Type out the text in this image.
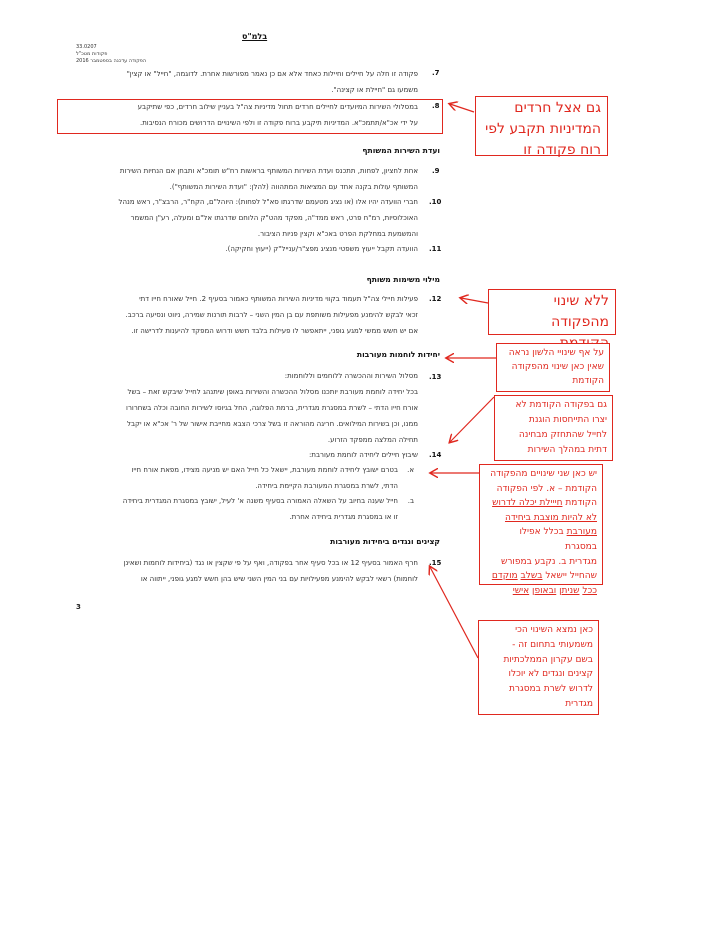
בלמ"ס
33.0207
פקודות מטכ"ל
הפקודה עדכנה בספטמבר 2016
.7
פקודה זו חלה על חיילים וחיילות כאחד אלא אם כן נאמר מפורשות אחרת. לדוגמה, "חייל" או קצין"
משמעו גם "חיילת או קצינה".
.8
במסלולי השירות המיועדים לחיילים חרדים תחול מדיניות צה"ל בעניין שילוב חרדים, כפי שתיקבע
על ידי אכ"א/תתמכ"א. המדיניות תיקבע ברוח פקודה זו ולפי השינויים הדרושים מכורח הנסיבות.
ועדת השירות המשותף
.9
אחת לחציון, לפחות, תתכנס ועדת השירות המשותף בראשות רח"ש תומכ"א ותבחן אם הנחיות השירות
המשותף עולות בקנה אחד עם המציאות המתהווה (להלן: "ועדת השירות המשותף").
.10
חברי הוועדה יהיו אלו (או נציג מטעמם שדרגתו סא"ל לפחות): היוהל"ם, הקח"ר, הרבצ"ר, ראש מנהל
האוכלוסיות, רמ"ח פרט, ראש ממד"ה, מפקד מהט"ק הלוחם שדרגתו אל"ם ומעלה, רע"ן המשמר
והמשמעת במחלקת הפרט באכ"א וקצין פניות הציבור.
.11
הוועדה תקבל ייעוץ משפטי מנציג מפצ"ר/ענייל"ק (ייעוץ וחקיקה).
מילוי משימות משותף
.12
פעילות חיילי צה"ל תעמוד בקווי מדיניות השירות המשותף כאמור בסעיף 2. חייל שאורח חייו דתי
זכאי לבקש להימנע מפעילות משותפת עם בן המין השני – לרבות תורנות שמירה, ניווט ונסיעה ברכב.
אם יש חשש ממשי למגע גופני, ייתאפשר לו פעילות בלבד חשש ודרוש המפקד להיענות לדרישה זו.
יחידות לוחמות מעורבות
.13
מסלול השירות וההכשרה ללוחמים וללוחמות:
בכל יחידה לוחמת מעורבת יותכנו מסלול ההכשרה והשירות באופן שיתנהג לחייל שיבקש זאת – בשל
אורח חייו הדתי – לשרת במסגרת מגדרית, ברמת הפלוגה, החל בגיוסו לשירות החובה וכלה בשחרורו
ממנו, וכן בשירות המילואים. חריגה מהוראה זו בשל צרכי הצבא מחייבת אישור של ר' אכ"א או יקבל
תחילה המלצה ממפקד הזרוע.
.14
שיבוץ חיילים ליחידה לוחמת מעורבת:
א.
בטרם ישובץ ליחידה לוחמת מעורבת, יישאל כל חייל האם יש מניעה מצידו, מפאת אורח חייו
הדתי, לשרת במסגרת המעורבת הקיימת ביחידה.
ב.
חייל שענה בחיוב על השאלה האמורה בסעיף משנה א' לעיל, ישובץ במסגרת המגדרית ביחידה
זו או במסגרת מגדרית ביחידה אחרת.
קצינים ונגדים ביחידות מעורבות
.15
חרף האמור בסעיף 12 או בכל סעיף אחר בפקודה, ואף על פי שקצין או נגד (ביחידות לוחמות ושאינן
לוחמות) רשאי לבקש להימנע מפעילויות עם בני המין השני שיש בהן חשש למגע גופני, ייתווה או
3
גם אצל חרדים
המדיניות תקבע לפי
רוח פקודה זו
ללא שינוי מהפקודה
על אף שינויי הלשון נראה
שאין כאן שינוי מהפקודה
הקודמת
גם בפקודה הקודמת לא
יצרו התייחסות הוגנת
לחייל שהתחזק מבחינה
דתית במהלך השירות
יש כאן שני שינויים מהפקודה
הקודמת – א. לפי הפקודה
הקודמת חייילת יכלה לדרוש
לא להיות מוצבת ביחידה
מעורבת בכלל אפילו במסגרת
מגדרית ב. נקבע במפורש
שהחייל יישאל בשלב מוקדם
ככל שניתן ובאופן אישי
כאן נמצא השינוי הכי
משמעותי בתחום זה -
בשם עקרון הממלכתיות
קצינים ונגדים לא יוכלו
לדרוש לשרת במסגרת
מגדרית
